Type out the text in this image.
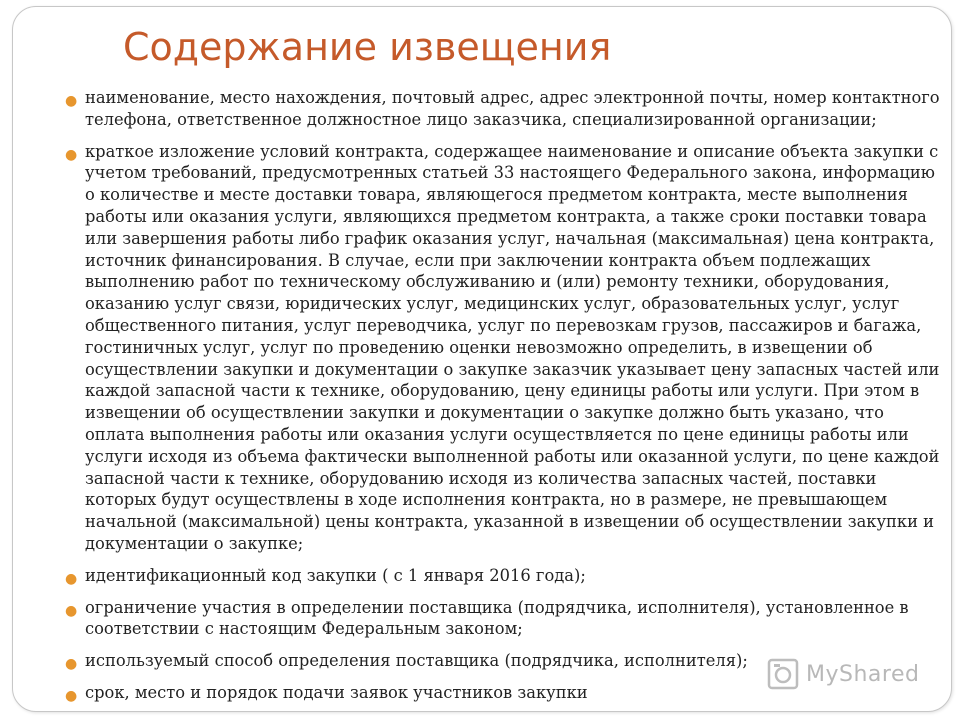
Содержание извещения
● наименование, место нахождения, почтовый адрес, адрес электронной почты, номер контактного телефона, ответственное должностное лицо заказчика, специализированной организации;
● краткое изложение условий контракта, содержащее наименование и описание объекта закупки с учетом требований, предусмотренных статьей 33 настоящего Федерального закона, информацию о количестве и месте доставки товара, являющегося предметом контракта, месте выполнения работы или оказания услуги, являющихся предметом контракта, а также сроки поставки товара или завершения работы либо график оказания услуг, начальная (максимальная) цена контракта, источник финансирования. В случае, если при заключении контракта объем подлежащих выполнению работ по техническому обслуживанию и (или) ремонту техники, оборудования, оказанию услуг связи, юридических услуг, медицинских услуг, образовательных услуг, услуг общественного питания, услуг переводчика, услуг по перевозкам грузов, пассажиров и багажа, гостиничных услуг, услуг по проведению оценки невозможно определить, в извещении об осуществлении закупки и документации о закупке заказчик указывает цену запасных частей или каждой запасной части к технике, оборудованию, цену единицы работы или услуги. При этом в извещении об осуществлении закупки и документации о закупке должно быть указано, что оплата выполнения работы или оказания услуги осуществляется по цене единицы работы или услуги исходя из объема фактически выполненной работы или оказанной услуги, по цене каждой запасной части к технике, оборудованию исходя из количества запасных частей, поставки которых будут осуществлены в ходе исполнения контракта, но в размере, не превышающем начальной (максимальной) цены контракта, указанной в извещении об осуществлении закупки и документации о закупке;
● идентификационный код закупки ( с 1 января 2016 года);
● ограничение участия в определении поставщика (подрядчика, исполнителя), установленное в соответствии с настоящим Федеральным законом;
● используемый способ определения поставщика (подрядчика, исполнителя);
● срок, место и порядок подачи заявок участников закупки
MyShared
